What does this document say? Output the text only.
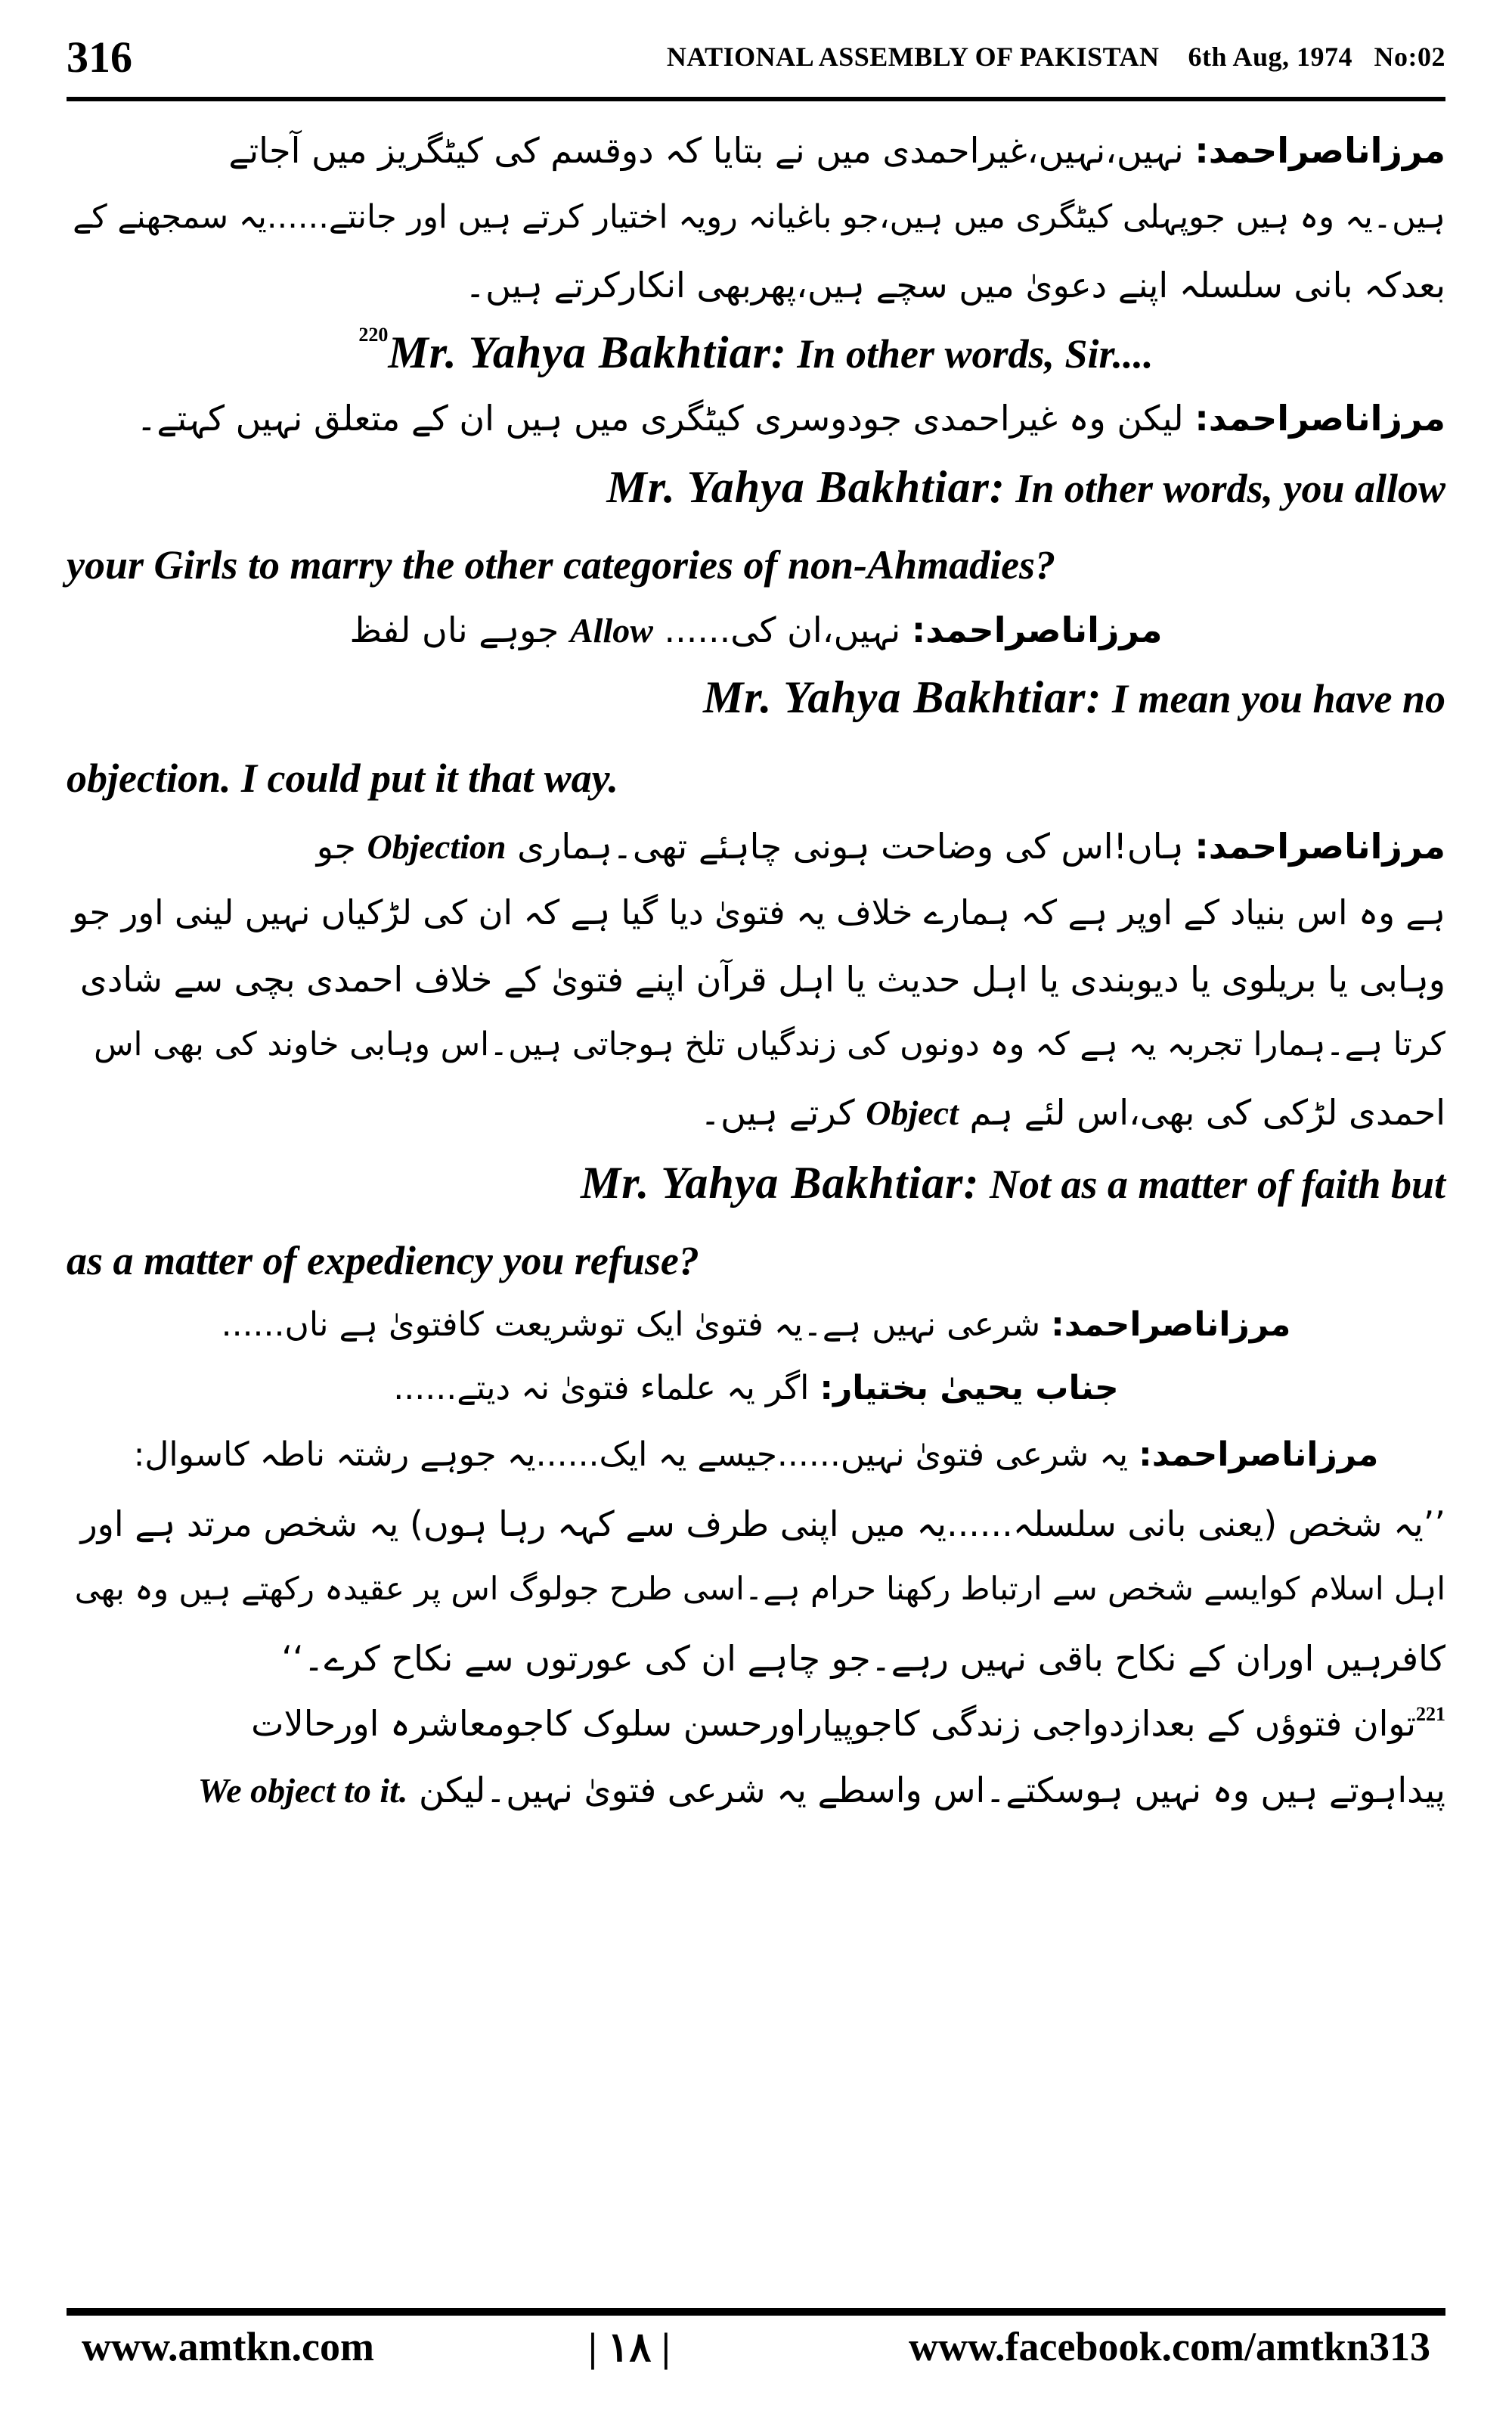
316	NATIONAL ASSEMBLY OF PAKISTAN    6th Aug, 1974   No:02
مرزاناصراحمد: نہیں،نہیں،غیراحمدی میں نے بتایا کہ دوقسم کی کیٹگریز میں آجاتے
ہیں۔یہ وہ ہیں جوپہلی کیٹگری میں ہیں،جو باغیانہ رویہ اختیار کرتے ہیں اور جانتے......یہ سمجھنے کے
بعدکہ بانی سلسلہ اپنے دعویٰ میں سچے ہیں،پھربھی انکارکرتے ہیں۔
$^{220}$Mr. Yahya Bakhtiar: In other words, Sir....
مرزاناصراحمد: لیکن وہ غیراحمدی جودوسری کیٹگری میں ہیں ان کے متعلق نہیں کہتے۔
Mr. Yahya Bakhtiar: In other words, you allow
your Girls to marry the other categories of non-Ahmadies?
مرزاناصراحمد: نہیں،ان کی...... Allow جوہے ناں لفظ
Mr. Yahya Bakhtiar: I mean you have no
objection. I could put it that way.
مرزاناصراحمد: ہاں!اس کی وضاحت ہونی چاہئے تھی۔ہماری Objection جو
ہے وہ اس بنیاد کے اوپر ہے کہ ہمارے خلاف یہ فتویٰ دیا گیا ہے کہ ان کی لڑکیاں نہیں لینی اور جو
وہابی یا بریلوی یا دیوبندی یا اہل حدیث یا اہل قرآن اپنے فتویٰ کے خلاف احمدی بچی سے شادی
کرتا ہے۔ہمارا تجربہ یہ ہے کہ وہ دونوں کی زندگیاں تلخ ہوجاتی ہیں۔اس وہابی خاوند کی بھی اس
احمدی لڑکی کی بھی،اس لئے ہم Object کرتے ہیں۔
Mr. Yahya Bakhtiar: Not as a matter of faith but
as a matter of expediency you refuse?
مرزاناصراحمد: شرعی نہیں ہے۔یہ فتویٰ ایک توشریعت کافتویٰ ہے ناں......
جناب یحییٰ بختیار: اگر یہ علماء فتویٰ نہ دیتے......
مرزاناصراحمد: یہ شرعی فتویٰ نہیں......جیسے یہ ایک......یہ جوہے رشتہ ناطہ کاسوال:
’’یہ شخص (یعنی بانی سلسلہ......یہ میں اپنی طرف سے کہہ رہا ہوں) یہ شخص مرتد ہے اور
اہل اسلام کوایسے شخص سے ارتباط رکھنا حرام ہے۔اسی طرح جولوگ اس پر عقیدہ رکھتے ہیں وہ بھی
کافرہیں اوران کے نکاح باقی نہیں رہے۔جو چاہے ان کی عورتوں سے نکاح کرے۔‘‘
$^{221}$توان فتوؤں کے بعدازدواجی زندگی کاجوپیاراورحسن سلوک کاجومعاشرہ اورحالات
پیداہوتے ہیں وہ نہیں ہوسکتے۔اس واسطے یہ شرعی فتویٰ نہیں۔لیکن We object to it.
www.amtkn.com	| ۱۸ |	www.facebook.com/amtkn313
